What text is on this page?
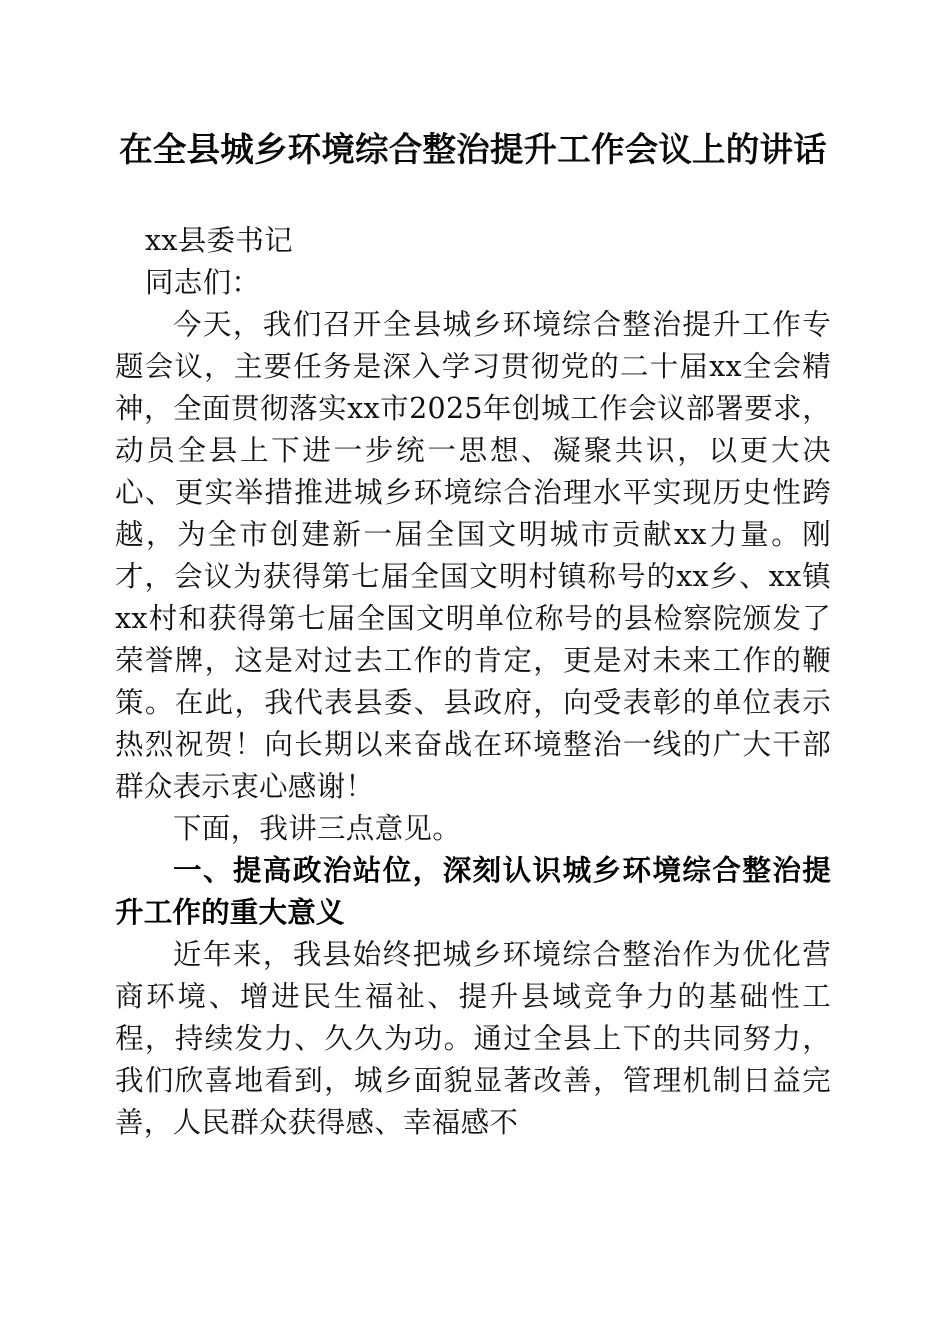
在全县城乡环境综合整治提升工作会议上的讲话

xx县委书记

同志们：

今天，我们召开全县城乡环境综合整治提升工作专题会议，主要任务是深入学习贯彻党的二十届xx全会精神，全面贯彻落实xx市2025年创城工作会议部署要求，动员全县上下进一步统一思想、凝聚共识，以更大决心、更实举措推进城乡环境综合治理水平实现历史性跨越，为全市创建新一届全国文明城市贡献xx力量。刚才，会议为获得第七届全国文明村镇称号的xx乡、xx镇xx村和获得第七届全国文明单位称号的县检察院颁发了荣誉牌，这是对过去工作的肯定，更是对未来工作的鞭策。在此，我代表县委、县政府，向受表彰的单位表示热烈祝贺！向长期以来奋战在环境整治一线的广大干部群众表示衷心感谢！

下面，我讲三点意见。

一、提高政治站位，深刻认识城乡环境综合整治提升工作的重大意义

近年来，我县始终把城乡环境综合整治作为优化营商环境、增进民生福祉、提升县域竞争力的基础性工程，持续发力、久久为功。通过全县上下的共同努力，我们欣喜地看到，城乡面貌显著改善，管理机制日益完善，人民群众获得感、幸福感不
